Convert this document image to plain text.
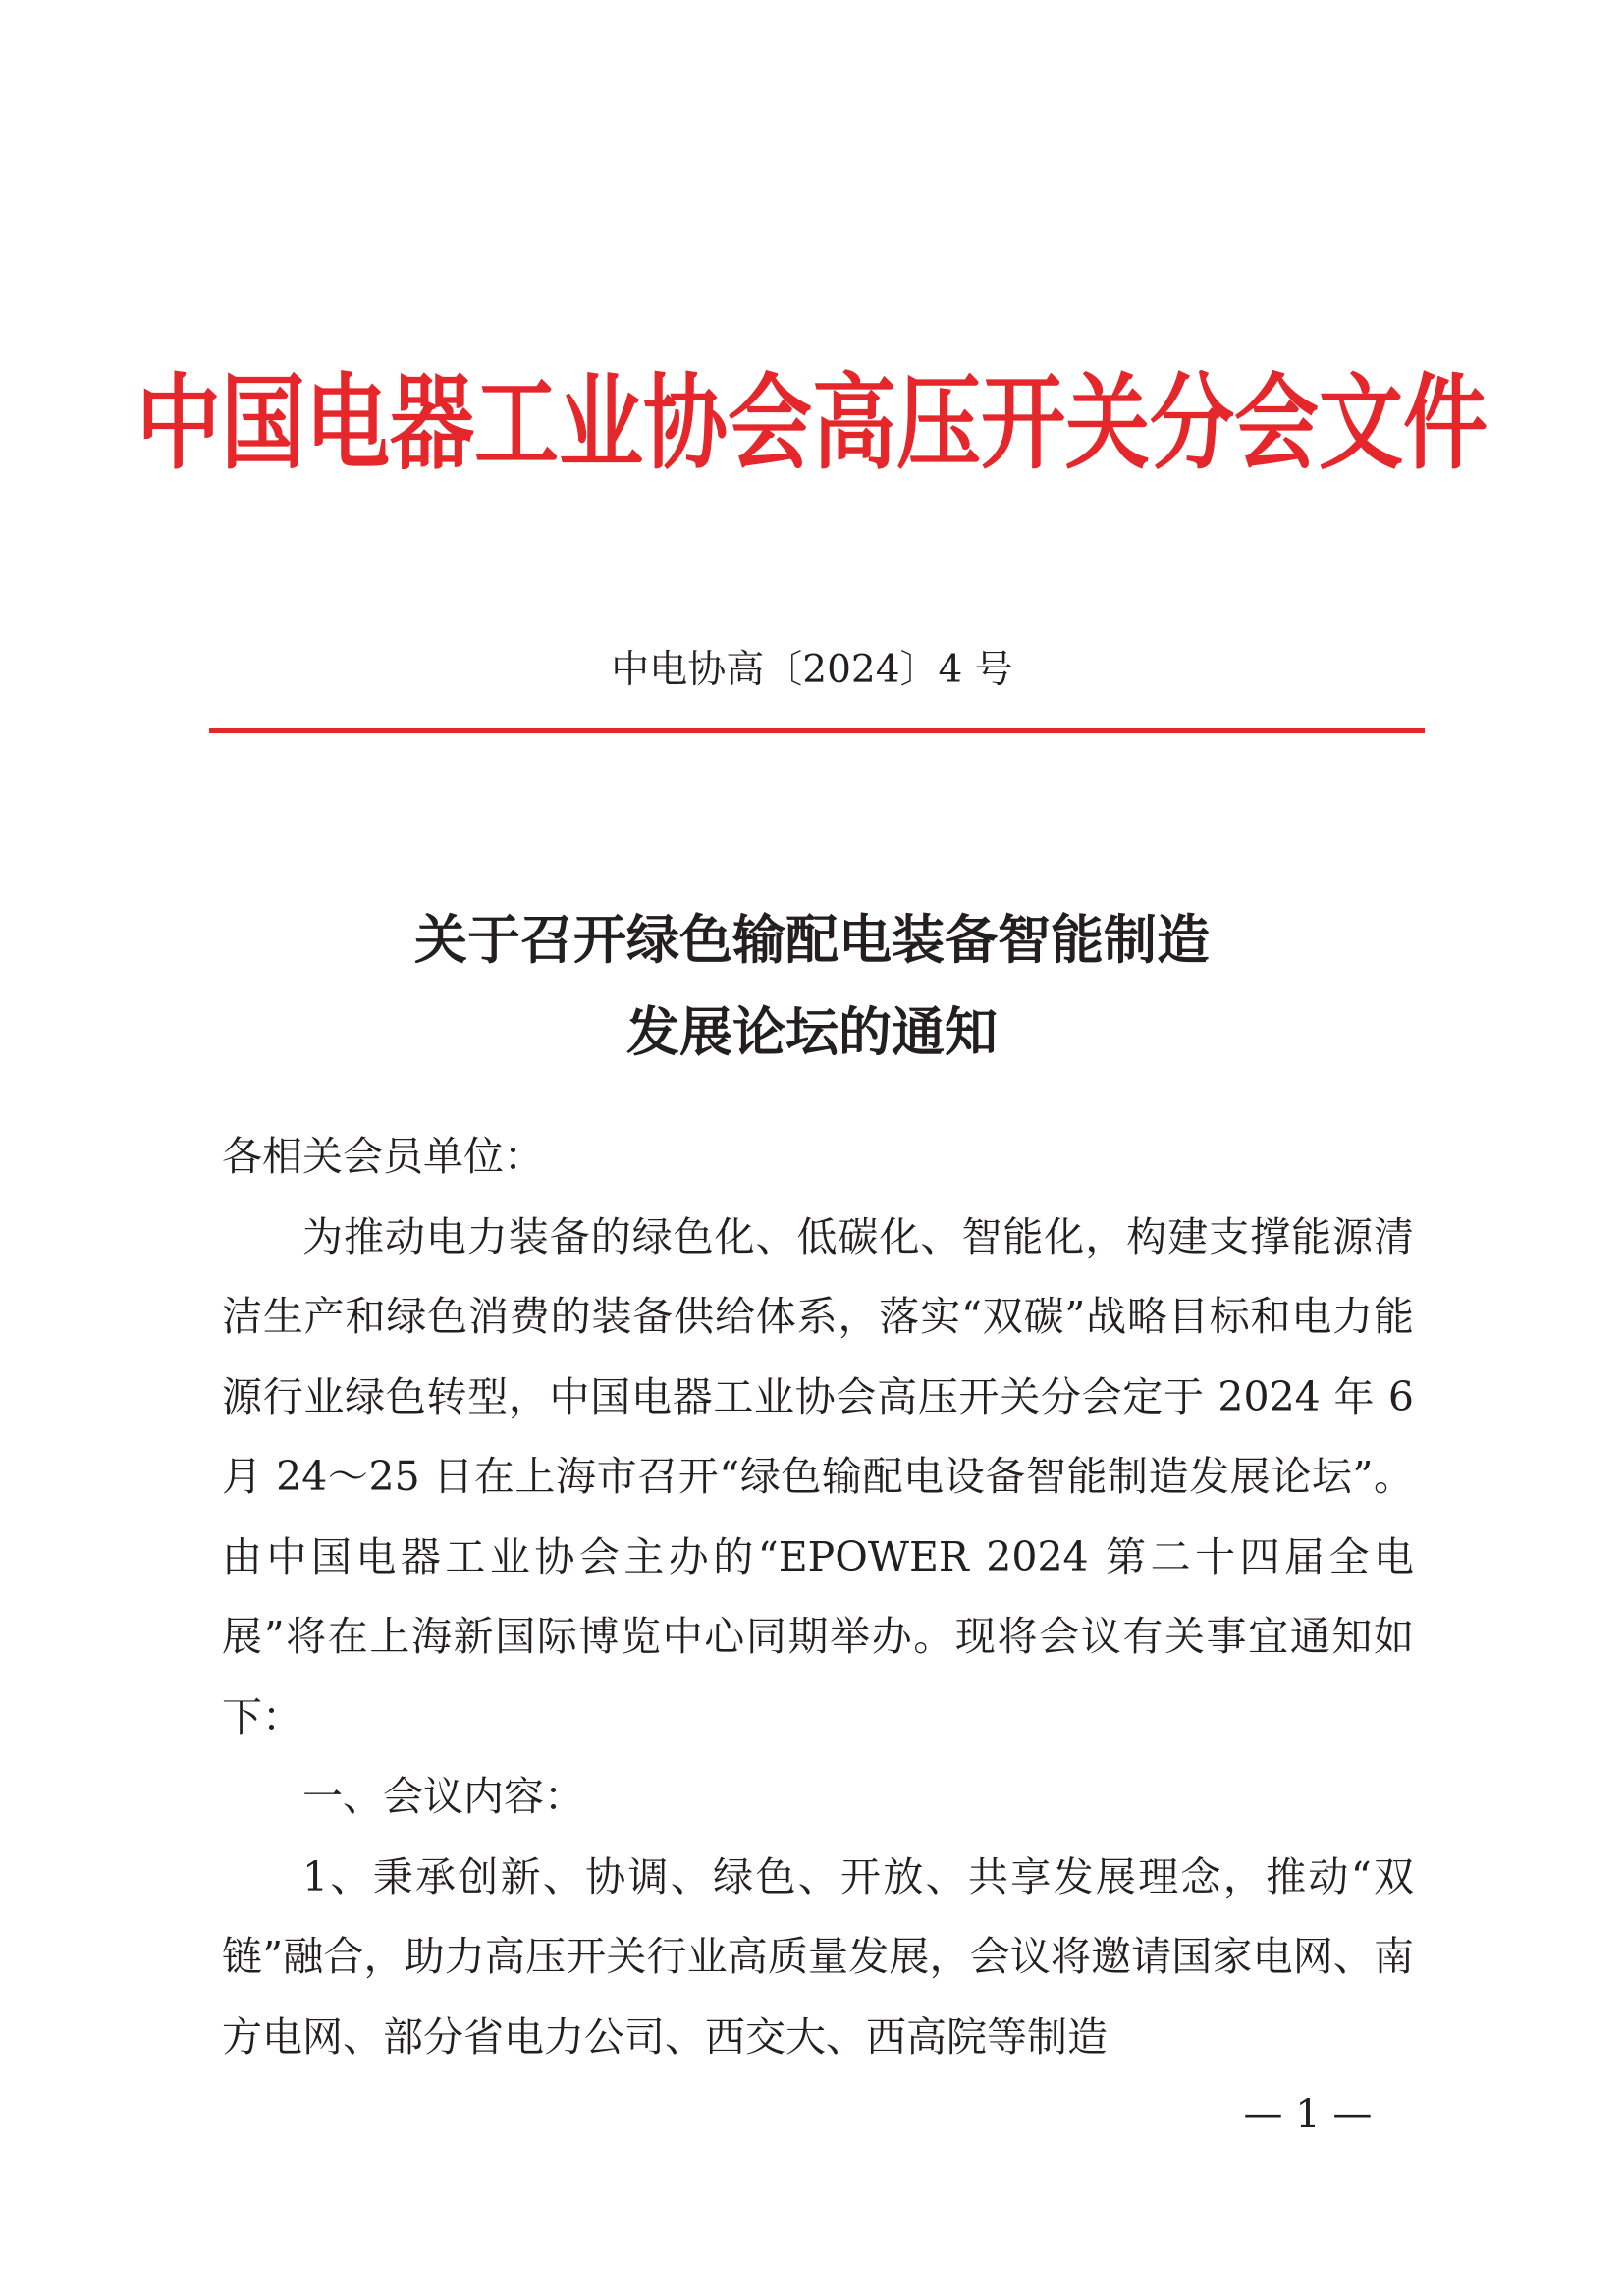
中国电器工业协会高压开关分会文件
中电协高〔2024〕4 号
关于召开绿色输配电装备智能制造
发展论坛的通知

各相关会员单位：

为推动电力装备的绿色化、低碳化、智能化，构建支撑能源清洁生产和绿色消费的装备供给体系，落实“双碳”战略目标和电力能源行业绿色转型，中国电器工业协会高压开关分会定于 2024 年 6 月 24～25 日在上海市召开“绿色输配电设备智能制造发展论坛”。由中国电器工业协会主办的“EPOWER 2024 第二十四届全电展”将在上海新国际博览中心同期举办。现将会议有关事宜通知如下：

一、会议内容：

1、秉承创新、协调、绿色、开放、共享发展理念，推动“双链”融合，助力高压开关行业高质量发展，会议将邀请国家电网、南方电网、部分省电力公司、西交大、西高院等制造

— 1 —
